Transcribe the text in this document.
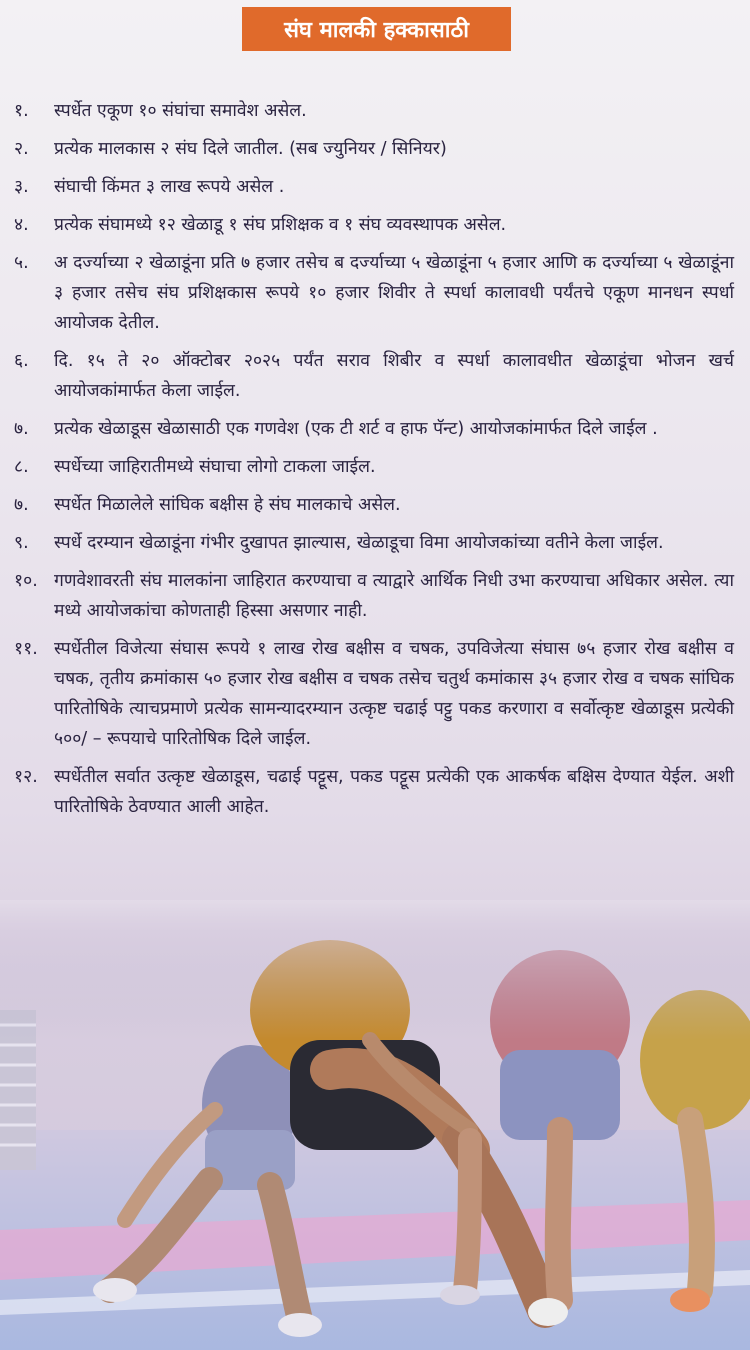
संघ मालकी हक्कासाठी
१.	स्पर्धेत एकूण १० संघांचा समावेश असेल.
२.	प्रत्येक मालकास २ संघ दिले जातील. (सब ज्युनियर / सिनियर)
३.	संघाची किंमत ३ लाख रूपये असेल .
४.	प्रत्येक संघामध्ये १२ खेळाडू १ संघ प्रशिक्षक व १ संघ व्यवस्थापक असेल.
५.	अ दर्ज्याच्या २ खेळाडूंना प्रति ७ हजार तसेच ब दर्ज्याच्या ५ खेळाडूंना ५ हजार आणि क दर्ज्याच्या ५ खेळाडूंना ३ हजार तसेच संघ प्रशिक्षकास रूपये १० हजार शिवीर ते स्पर्धा कालावधी पर्यंतचे एकूण मानधन स्पर्धा आयोजक देतील.
६.	दि. १५ ते २० ऑक्टोबर २०२५ पर्यंत सराव शिबीर व स्पर्धा कालावधीत खेळाडूंचा भोजन खर्च आयोजकांमार्फत केला जाईल.
७.	प्रत्येक खेळाडूस खेळासाठी एक गणवेश (एक टी शर्ट व हाफ पॅन्ट) आयोजकांमार्फत दिले जाईल .
८.	स्पर्धेच्या जाहिरातीमध्ये संघाचा लोगो टाकला जाईल.
७.	स्पर्धेत मिळालेले सांघिक बक्षीस हे संघ मालकाचे असेल.
९.	स्पर्धे दरम्यान खेळाडूंना गंभीर दुखापत झाल्यास, खेळाडूचा विमा आयोजकांच्या वतीने केला जाईल.
१०. गणवेशावरती संघ मालकांना जाहिरात करण्याचा व त्याद्वारे आर्थिक निधी उभा करण्याचा अधिकार असेल. त्या मध्ये आयोजकांचा कोणताही हिस्सा असणार नाही.
११. स्पर्धेतील विजेत्या संघास रूपये १ लाख रोख बक्षीस व चषक, उपविजेत्या संघास ७५ हजार रोख बक्षीस व चषक, तृतीय क्रमांकास ५० हजार रोख बक्षीस व चषक तसेच चतुर्थ कमांकास ३५ हजार रोख व चषक सांघिक पारितोषिके त्याचप्रमाणे प्रत्येक सामन्यादरम्यान उत्कृष्ट चढाई पट्टु पकड करणारा व सर्वोत्कृष्ट खेळाडूस प्रत्येकी ५००/ – रूपयाचे पारितोषिक दिले जाईल.
१२. स्पर्धेतील सर्वात उत्कृष्ट खेळाडूस, चढाई पट्टूस, पकड पट्टूस प्रत्येकी एक आकर्षक बक्षिस देण्यात येईल. अशी पारितोषिके ठेवण्यात आली आहेत.
